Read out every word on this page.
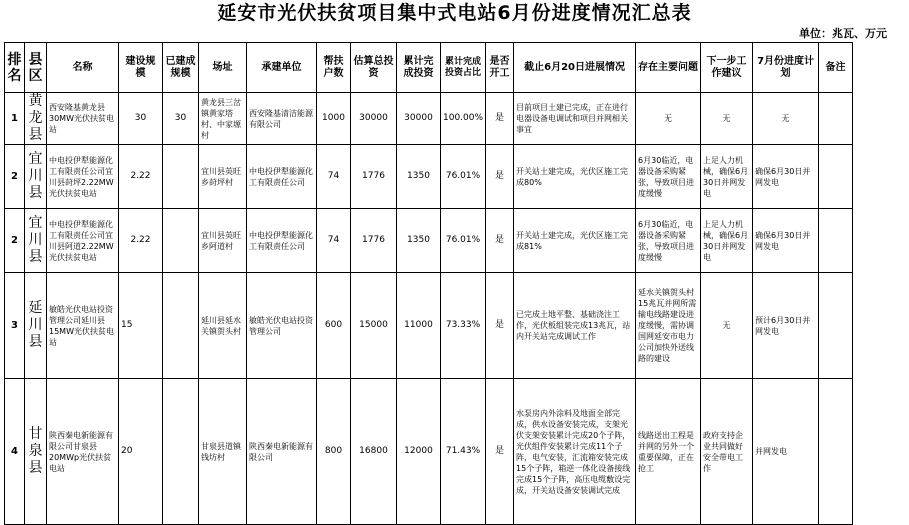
延安市光伏扶贫项目集中式电站6月份进度情况汇总表
单位：兆瓦、万元
排名	县区	名称	建设规模	已建成规模	场址	承建单位	帮扶户数	估算总投资	累计完成投资	累计完成投资占比	是否开工	截止6月20日进展情况	存在主要问题	下一步工作建议	7月份进度计划	备注
1	黄龙县	西安隆基黄龙县30MW光伏扶贫电站	30	30	黄龙县三岔镇黄家塔村、中家塬村	西安隆基清洁能源有限公司	1000	30000	30000	100.00%	是	目前项目土建已完成，正在进行电器设备电调试和项目并网相关事宜	无	无	无	
2	宜川县	中电投伊犁能源化工有限责任公司宜川县莳坪2.22MW光伏扶贫电站	2.22		宜川县英旺乡莳坪村	中电投伊犁能源化工有限责任公司	74	1776	1350	76.01%	是	开关站土建完成，光伏区施工完成80%	6月30临近，电器设备采购紧张，导致项目进度缓慢	上足人力机械，确保6月30日并网发电	确保6月30日并网发电	
2	宜川县	中电投伊犁能源化工有限责任公司宜川县阿道2.22MW光伏扶贫电站	2.22		宜川县英旺乡阿道村	中电投伊犁能源化工有限责任公司	74	1776	1350	76.01%	是	开关站土建完成，光伏区施工完成81%	6月30临近，电器设备采购紧张，导致项目进度缓慢	上足人力机械，确保6月30日并网发电	确保6月30日并网发电	
3	延川县	敏皓光伏电站投资管理公司延川县15MW光伏扶贫电站	15		延川县延水关镇贺头村	敏皓光伏电站投资管理公司	600	15000	11000	73.33%	是	已完成土地平整、基础浇注工作，光伏板组装完成13兆瓦，站内开关站完成调试工作	延水关镇贺头村15兆瓦并网所需输电线路建设进度缓慢，需协调国网延安市电力公司加快外送线路的建设	无	预计6月30日并网发电	
4	甘泉县	陕西秦电新能源有限公司甘泉县20MWp光伏扶贫电站	20		甘泉县道镇钱坊村	陕西秦电新能源有限公司	800	16800	12000	71.43%	是	水泵房内外涂料及地面全部完成，供水设备安装完成，支架光伏支架安装累计完成20个子阵，光伏组件安装累计完成11个子阵，电气安装，汇流箱安装完成15个子阵，箱逆一体化设备接线完成15个子阵，高压电缆敷设完成，开关站设备安装调试完成	线路送出工程是并网的另外一个重要保障，正在抢工	政府支持企业共同做好安全带电工作	并网发电	
